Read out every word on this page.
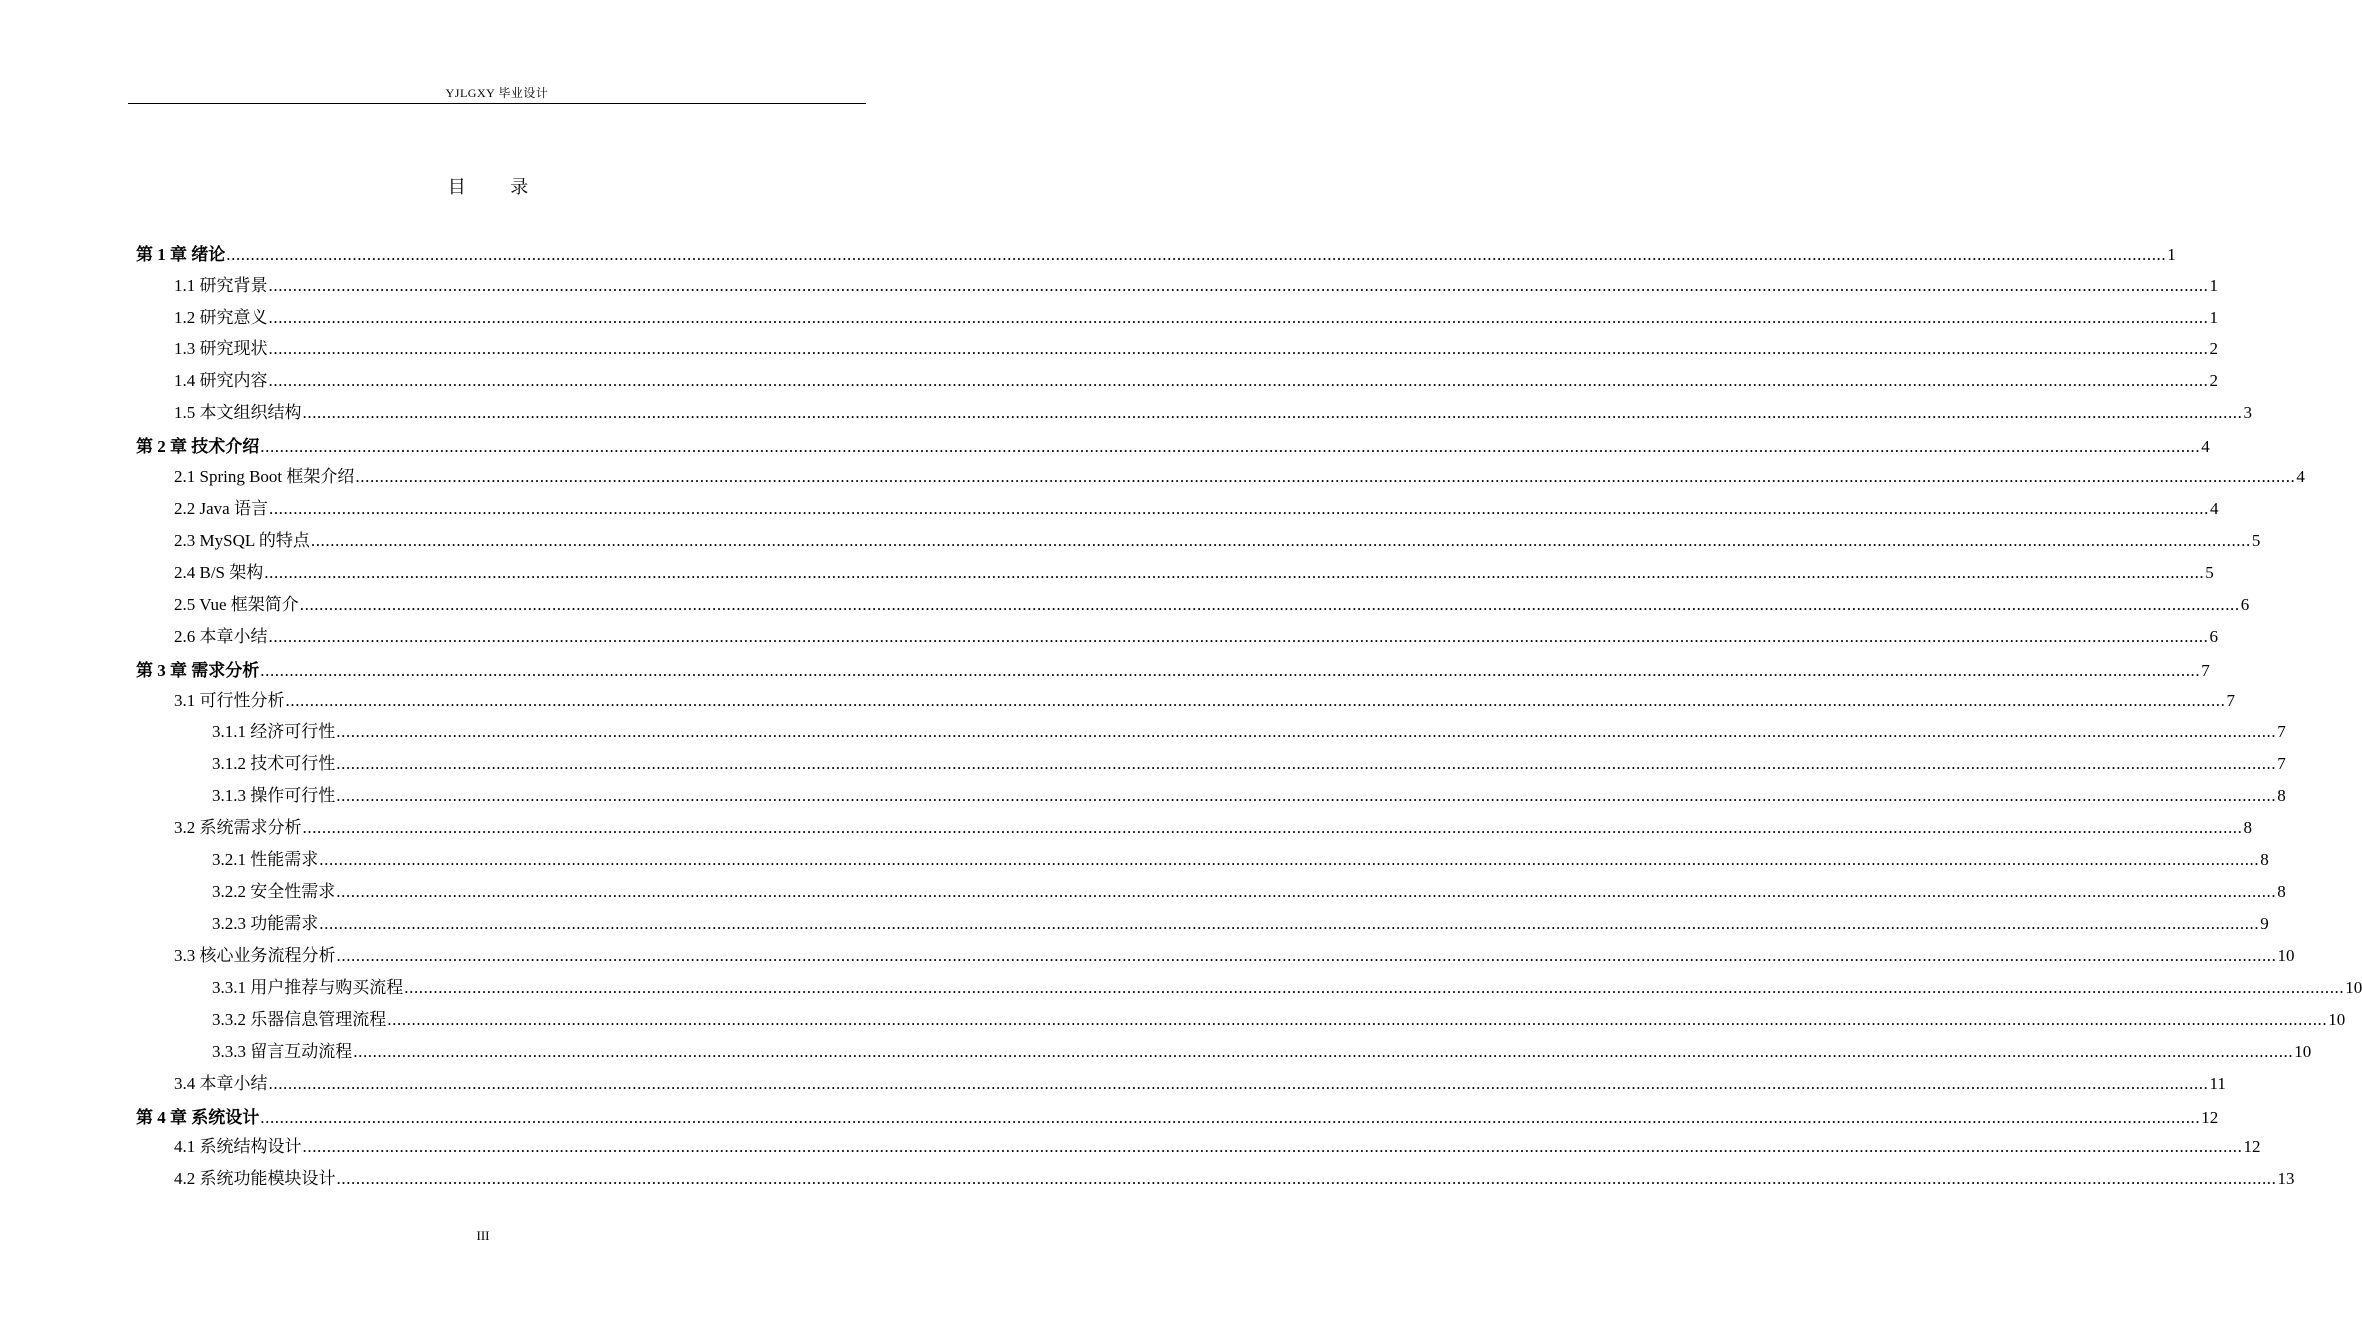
YJLGXY 毕业设计
目 录
第 1 章 绪论 ................................................................................................................................................................................................................................................................................................................................................................................................................ 1
1.1 研究背景 ................................................................................................................................................................................................................................................................................................................................................................................................................ 1
1.2 研究意义 ................................................................................................................................................................................................................................................................................................................................................................................................................ 1
1.3 研究现状 ................................................................................................................................................................................................................................................................................................................................................................................................................ 2
1.4 研究内容 ................................................................................................................................................................................................................................................................................................................................................................................................................ 2
1.5 本文组织结构 ................................................................................................................................................................................................................................................................................................................................................................................................................ 3
第 2 章 技术介绍 ................................................................................................................................................................................................................................................................................................................................................................................................................ 4
2.1 Spring Boot 框架介绍 ................................................................................................................................................................................................................................................................................................................................................................................................................ 4
2.2 Java 语言 ................................................................................................................................................................................................................................................................................................................................................................................................................ 4
2.3 MySQL 的特点 ................................................................................................................................................................................................................................................................................................................................................................................................................ 5
2.4 B/S 架构 ................................................................................................................................................................................................................................................................................................................................................................................................................ 5
2.5 Vue 框架简介 ................................................................................................................................................................................................................................................................................................................................................................................................................ 6
2.6 本章小结 ................................................................................................................................................................................................................................................................................................................................................................................................................ 6
第 3 章 需求分析 ................................................................................................................................................................................................................................................................................................................................................................................................................ 7
3.1 可行性分析 ................................................................................................................................................................................................................................................................................................................................................................................................................ 7
3.1.1 经济可行性 ................................................................................................................................................................................................................................................................................................................................................................................................................ 7
3.1.2 技术可行性 ................................................................................................................................................................................................................................................................................................................................................................................................................ 7
3.1.3 操作可行性 ................................................................................................................................................................................................................................................................................................................................................................................................................ 8
3.2 系统需求分析 ................................................................................................................................................................................................................................................................................................................................................................................................................ 8
3.2.1 性能需求 ................................................................................................................................................................................................................................................................................................................................................................................................................ 8
3.2.2 安全性需求 ................................................................................................................................................................................................................................................................................................................................................................................................................ 8
3.2.3 功能需求 ................................................................................................................................................................................................................................................................................................................................................................................................................ 9
3.3 核心业务流程分析 ................................................................................................................................................................................................................................................................................................................................................................................................................ 10
3.3.1 用户推荐与购买流程 ................................................................................................................................................................................................................................................................................................................................................................................................................ 10
3.3.2 乐器信息管理流程 ................................................................................................................................................................................................................................................................................................................................................................................................................ 10
3.3.3 留言互动流程 ................................................................................................................................................................................................................................................................................................................................................................................................................ 10
3.4 本章小结 ................................................................................................................................................................................................................................................................................................................................................................................................................ 11
第 4 章 系统设计 ................................................................................................................................................................................................................................................................................................................................................................................................................ 12
4.1 系统结构设计 ................................................................................................................................................................................................................................................................................................................................................................................................................ 12
4.2 系统功能模块设计 ................................................................................................................................................................................................................................................................................................................................................................................................................ 13
III
